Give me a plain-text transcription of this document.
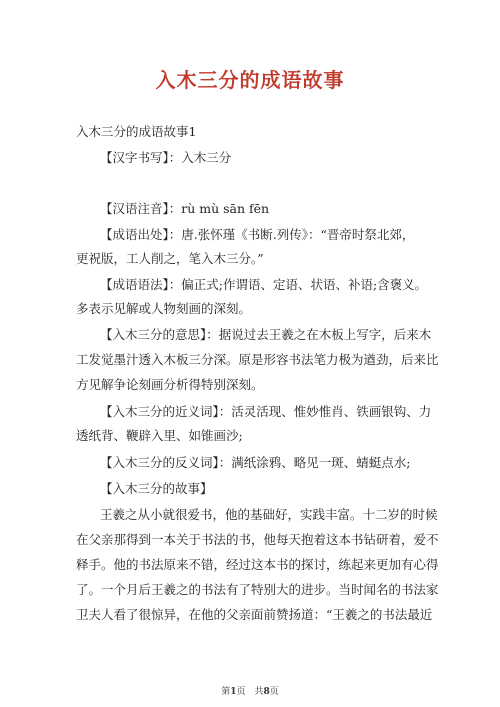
入木三分的成语故事
入木三分的成语故事1
【汉字书写】：入木三分
【汉语注音】：rù mù sān fēn
【成语出处】：唐.张怀瑾《书断.列传》：“晋帝时祭北郊，
更祝版，工人削之，笔入木三分。”
【成语语法】：偏正式;作谓语、定语、状语、补语;含褒义。
多表示见解或人物刻画的深刻。
【入木三分的意思】：据说过去王羲之在木板上写字，后来木
工发觉墨汁透入木板三分深。原是形容书法笔力极为遒劲，后来比
方见解争论刻画分析得特别深刻。
【入木三分的近义词】：活灵活现、惟妙惟肖、铁画银钩、力
透纸背、鞭辟入里、如锥画沙;
【入木三分的反义词】：满纸涂鸦、略见一斑、蜻蜓点水;
【入木三分的故事】
王羲之从小就很爱书，他的基础好，实践丰富。十二岁的时候
在父亲那得到一本关于书法的书，他每天抱着这本书钻研着，爱不
释手。他的书法原来不错，经过这本书的探讨，练起来更加有心得
了。一个月后王羲之的书法有了特别大的进步。当时闻名的书法家
卫夫人看了很惊异，在他的父亲面前赞扬道：“王羲之的书法最近
第1页　共8页
